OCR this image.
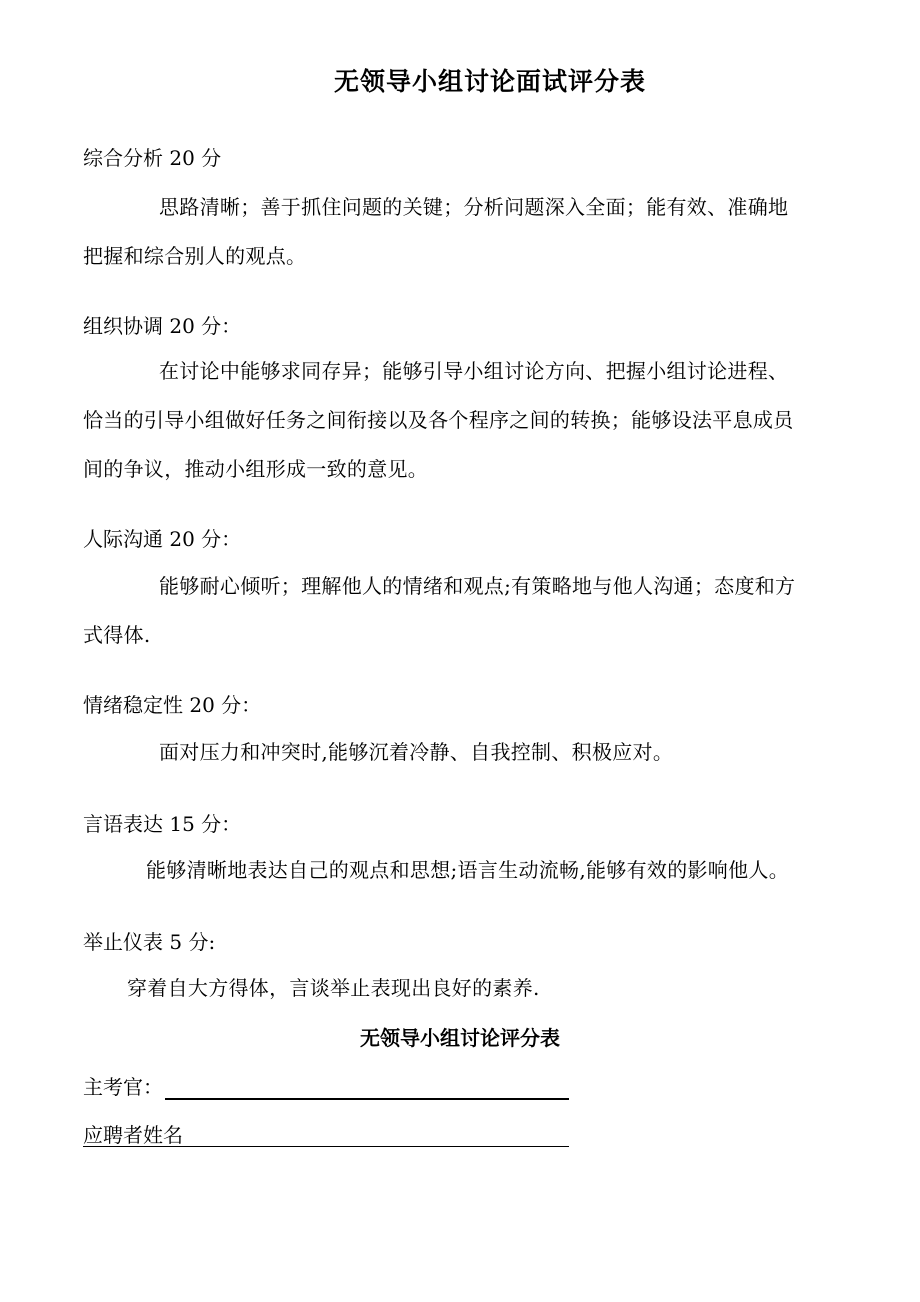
无领导小组讨论面试评分表
综合分析 20 分
思路清晰；善于抓住问题的关键；分析问题深入全面；能有效、准确地
把握和综合别人的观点。
组织协调 20 分：
在讨论中能够求同存异；能够引导小组讨论方向、把握小组讨论进程、
恰当的引导小组做好任务之间衔接以及各个程序之间的转换；能够设法平息成员
间的争议，推动小组形成一致的意见。
人际沟通 20 分：
能够耐心倾听；理解他人的情绪和观点;有策略地与他人沟通；态度和方
式得体.
情绪稳定性 20 分：
面对压力和冲突时,能够沉着冷静、自我控制、积极应对。
言语表达 15 分：
能够清晰地表达自己的观点和思想;语言生动流畅,能够有效的影响他人。
举止仪表 5 分:
穿着自大方得体，言谈举止表现出良好的素养.
无领导小组讨论评分表
主考官：
应聘者姓名
